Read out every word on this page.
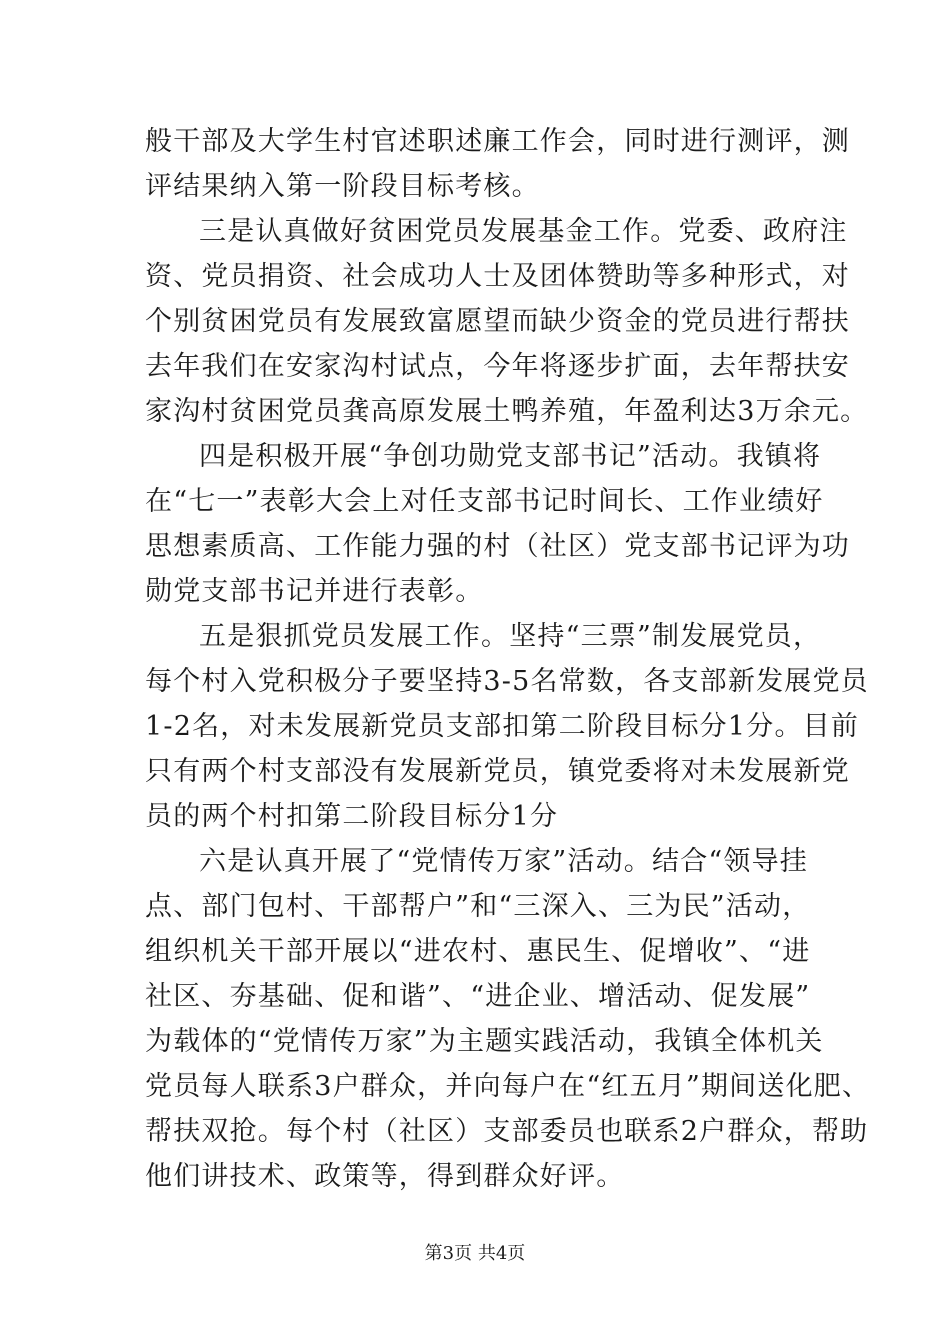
般干部及大学生村官述职述廉工作会，同时进行测评，测
评结果纳入第一阶段目标考核。
三是认真做好贫困党员发展基金工作。党委、政府注
资、党员捐资、社会成功人士及团体赞助等多种形式，对
个别贫困党员有发展致富愿望而缺少资金的党员进行帮扶
去年我们在安家沟村试点，今年将逐步扩面，去年帮扶安
家沟村贫困党员龚高原发展土鸭养殖，年盈利达3万余元。
四是积极开展“争创功勋党支部书记”活动。我镇将
在“七一”表彰大会上对任支部书记时间长、工作业绩好
思想素质高、工作能力强的村（社区）党支部书记评为功
勋党支部书记并进行表彰。
五是狠抓党员发展工作。坚持“三票”制发展党员，
每个村入党积极分子要坚持3-5名常数，各支部新发展党员
1-2名，对未发展新党员支部扣第二阶段目标分1分。目前
只有两个村支部没有发展新党员，镇党委将对未发展新党
员的两个村扣第二阶段目标分1分
六是认真开展了“党情传万家”活动。结合“领导挂
点、部门包村、干部帮户”和“三深入、三为民”活动，
组织机关干部开展以“进农村、惠民生、促增收”、“进
社区、夯基础、促和谐”、“进企业、增活动、促发展”
为载体的“党情传万家”为主题实践活动，我镇全体机关
党员每人联系3户群众，并向每户在“红五月”期间送化肥、
帮扶双抢。每个村（社区）支部委员也联系2户群众，帮助
他们讲技术、政策等，得到群众好评。
第3页 共4页
